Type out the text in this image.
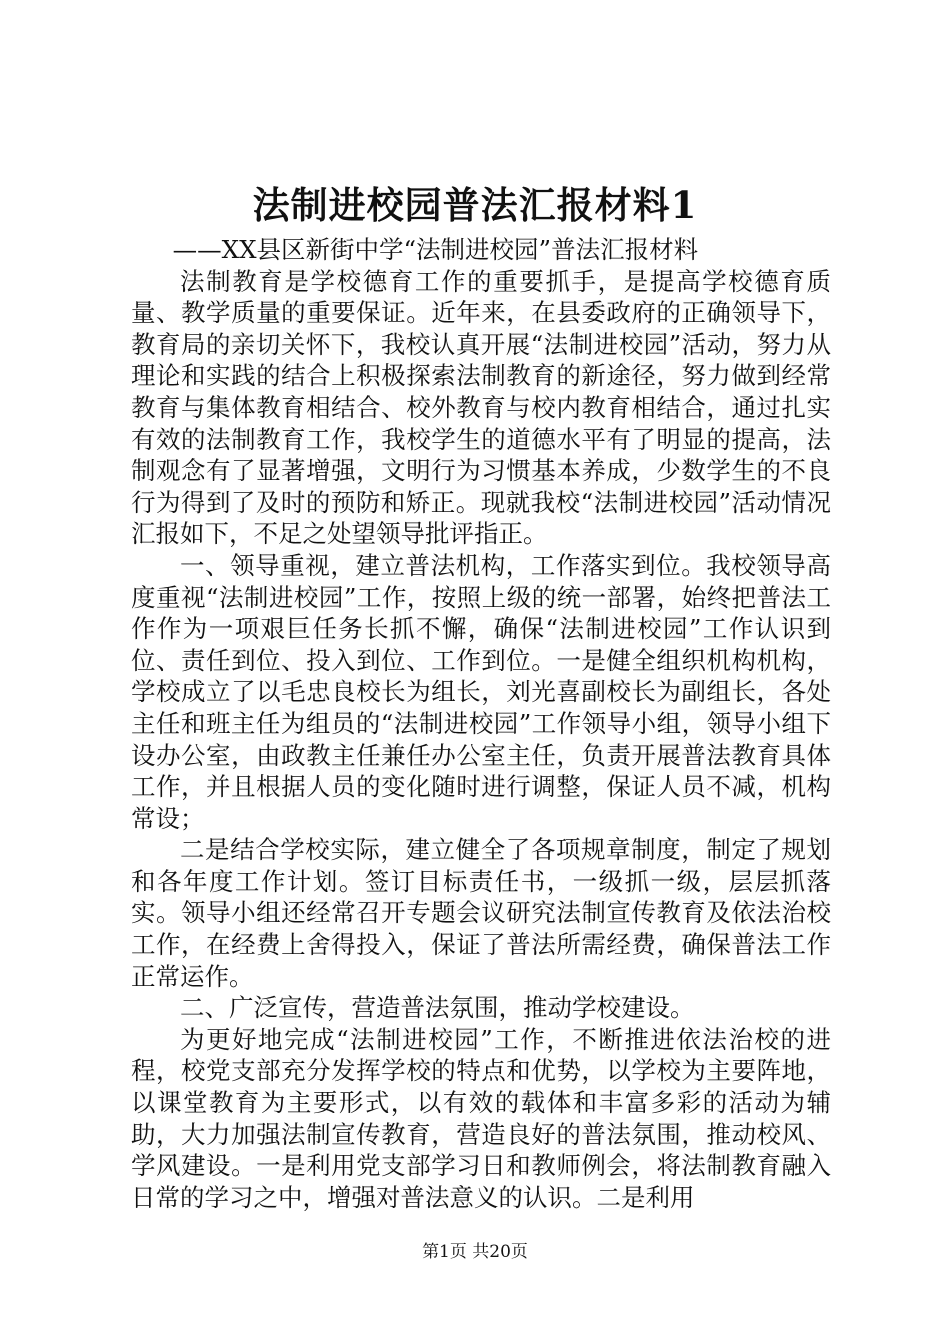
法制进校园普法汇报材料1

——XX县区新街中学“法制进校园”普法汇报材料

法制教育是学校德育工作的重要抓手，是提高学校德育质量、教学质量的重要保证。近年来，在县委政府的正确领导下，教育局的亲切关怀下，我校认真开展“法制进校园”活动，努力从理论和实践的结合上积极探索法制教育的新途径，努力做到经常教育与集体教育相结合、校外教育与校内教育相结合，通过扎实有效的法制教育工作，我校学生的道德水平有了明显的提高，法制观念有了显著增强，文明行为习惯基本养成，少数学生的不良行为得到了及时的预防和矫正。现就我校“法制进校园”活动情况汇报如下，不足之处望领导批评指正。

一、领导重视，建立普法机构，工作落实到位。我校领导高度重视“法制进校园”工作，按照上级的统一部署，始终把普法工作作为一项艰巨任务长抓不懈，确保“法制进校园”工作认识到位、责任到位、投入到位、工作到位。一是健全组织机构机构，学校成立了以毛忠良校长为组长，刘光喜副校长为副组长，各处主任和班主任为组员的“法制进校园”工作领导小组，领导小组下设办公室，由政教主任兼任办公室主任，负责开展普法教育具体工作，并且根据人员的变化随时进行调整，保证人员不减，机构常设；

二是结合学校实际，建立健全了各项规章制度，制定了规划和各年度工作计划。签订目标责任书，一级抓一级，层层抓落实。领导小组还经常召开专题会议研究法制宣传教育及依法治校工作，在经费上舍得投入，保证了普法所需经费，确保普法工作正常运作。

二、广泛宣传，营造普法氛围，推动学校建设。

为更好地完成“法制进校园”工作，不断推进依法治校的进程，校党支部充分发挥学校的特点和优势，以学校为主要阵地，以课堂教育为主要形式，以有效的载体和丰富多彩的活动为辅助，大力加强法制宣传教育，营造良好的普法氛围，推动校风、学风建设。一是利用党支部学习日和教师例会，将法制教育融入日常的学习之中，增强对普法意义的认识。二是利用

第1页 共20页
